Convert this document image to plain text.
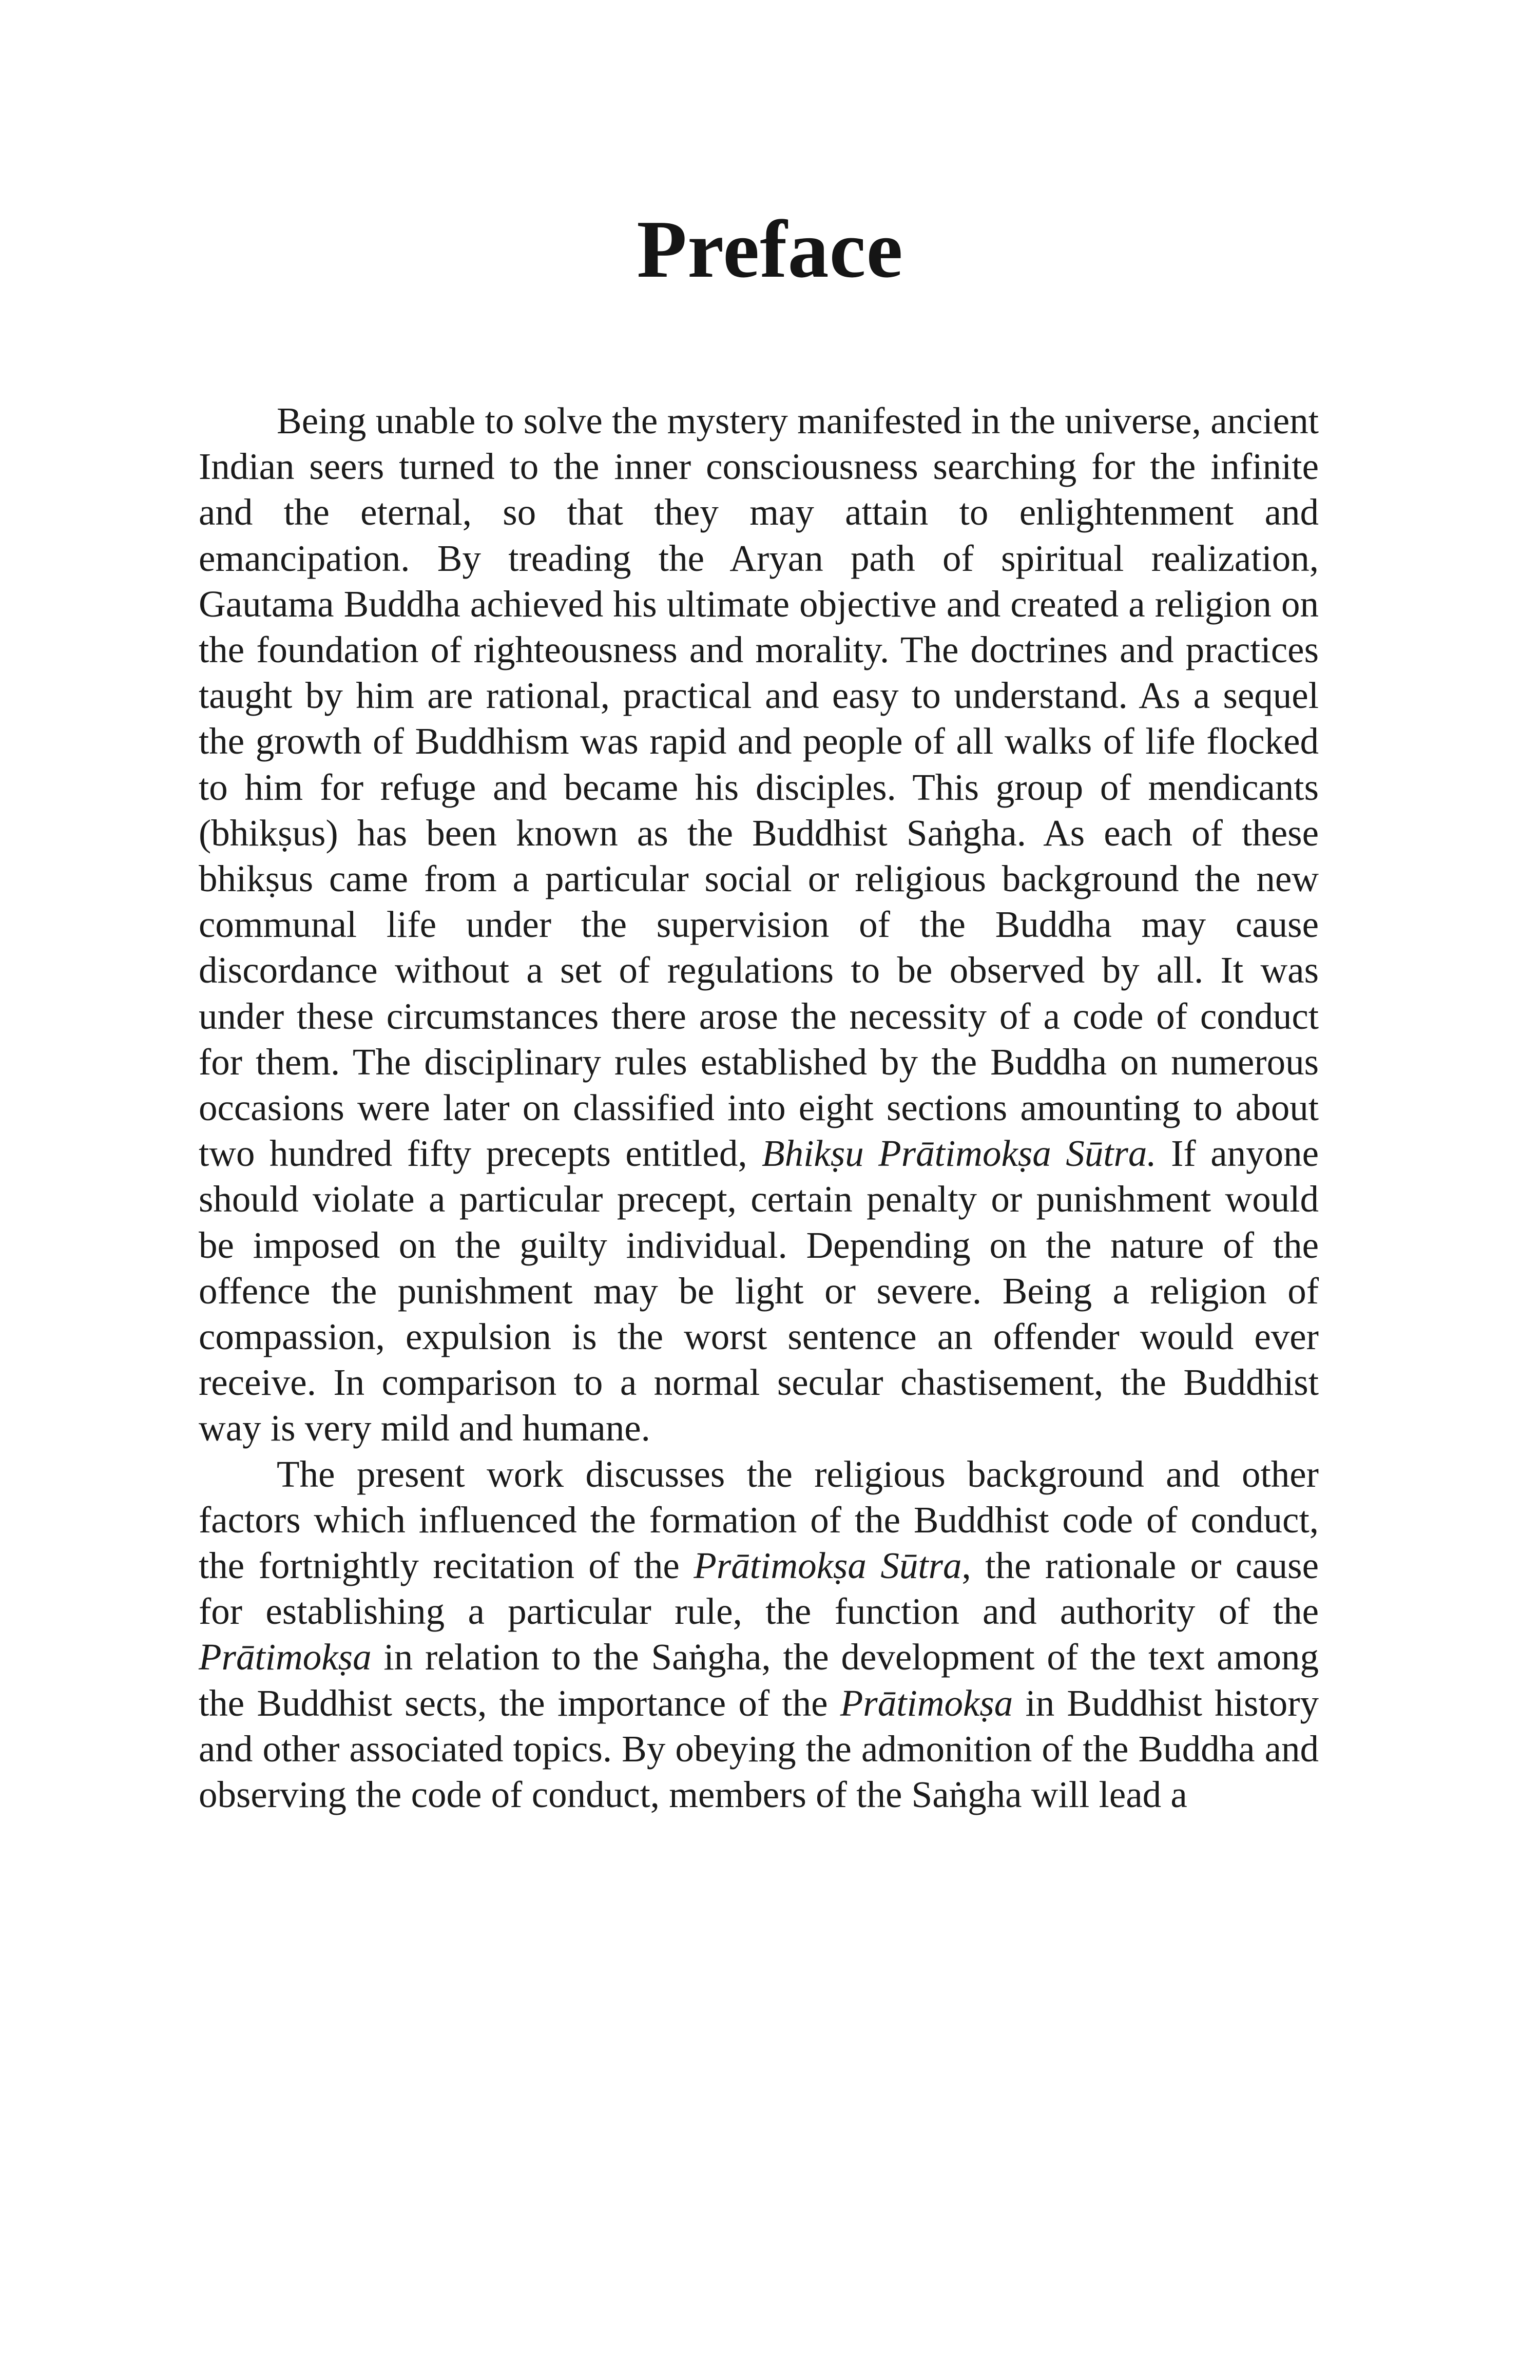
Preface

Being unable to solve the mystery manifested in the universe, ancient Indian seers turned to the inner consciousness searching for the infinite and the eternal, so that they may attain to enlightenment and emancipation. By treading the Aryan path of spiritual realization, Gautama Buddha achieved his ultimate objective and created a religion on the foundation of righteousness and morality. The doctrines and practices taught by him are rational, practical and easy to understand. As a sequel the growth of Buddhism was rapid and people of all walks of life flocked to him for refuge and became his disciples. This group of mendicants (bhikṣus) has been known as the Buddhist Saṅgha. As each of these bhikṣus came from a particular social or religious background the new communal life under the supervision of the Buddha may cause discordance without a set of regulations to be observed by all. It was under these circumstances there arose the necessity of a code of conduct for them. The disciplinary rules established by the Buddha on numerous occasions were later on classified into eight sections amounting to about two hundred fifty precepts entitled, Bhikṣu Prātimokṣa Sūtra. If anyone should violate a particular precept, certain penalty or punishment would be imposed on the guilty individual. Depending on the nature of the offence the punishment may be light or severe. Being a religion of compassion, expulsion is the worst sentence an offender would ever receive. In comparison to a normal secular chastisement, the Buddhist way is very mild and humane.

The present work discusses the religious background and other factors which influenced the formation of the Buddhist code of conduct, the fortnightly recitation of the Prātimokṣa Sūtra, the rationale or cause for establishing a particular rule, the function and authority of the Prātimokṣa in relation to the Saṅgha, the development of the text among the Buddhist sects, the importance of the Prātimokṣa in Buddhist history and other associated topics. By obeying the admonition of the Buddha and observing the code of conduct, members of the Saṅgha will lead a
